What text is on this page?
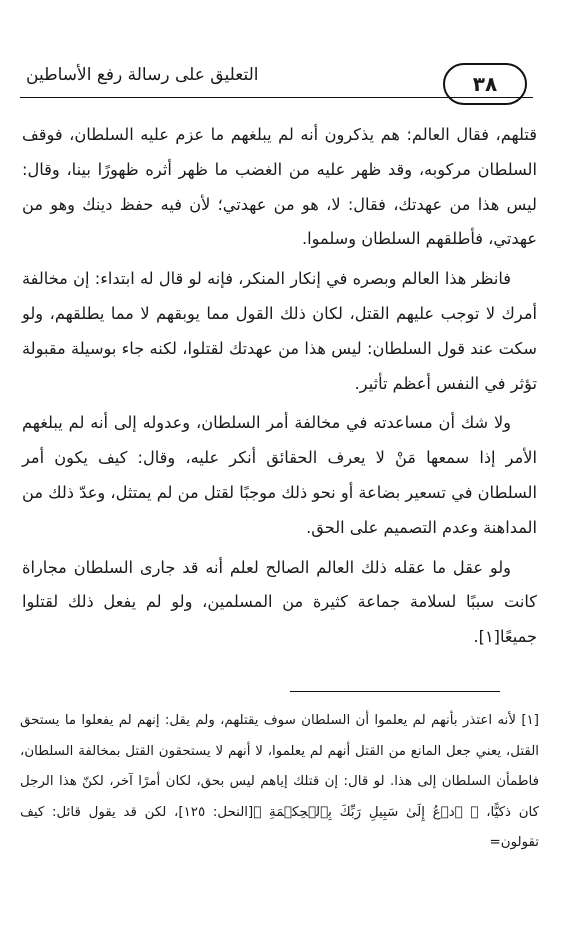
٣٨
التعليق على رسالة رفع الأساطين

قتلهم، فقال العالم: هم يذكرون أنه لم يبلغهم ما عزم عليه السلطان، فوقف السلطان مركوبه، وقد ظهر عليه من الغضب ما ظهر أثره ظهورًا بينا، وقال: ليس هذا من عهدتك، فقال: لا، هو من عهدتي؛ لأن فيه حفظ دينك وهو من عهدتي، فأطلقهم السلطان وسلموا.

فانظر هذا العالم وبصره في إنكار المنكر، فإنه لو قال له ابتداء: إن مخالفة أمرك لا توجب عليهم القتل، لكان ذلك القول مما يوبقهم لا مما يطلقهم، ولو سكت عند قول السلطان: ليس هذا من عهدتك لقتلوا، لكنه جاء بوسيلة مقبولة تؤثر في النفس أعظم تأثير.

ولا شك أن مساعدته في مخالفة أمر السلطان، وعدوله إلى أنه لم يبلغهم الأمر إذا سمعها مَنْ لا يعرف الحقائق أنكر عليه، وقال: كيف يكون أمر السلطان في تسعير بضاعة أو نحو ذلك موجبًا لقتل من لم يمتثل، وعدّ ذلك من المداهنة وعدم التصميم على الحق.

ولو عقل ما عقله ذلك العالم الصالح لعلم أنه قد جارى السلطان مجاراة كانت سببًا لسلامة جماعة كثيرة من المسلمين، ولو لم يفعل ذلك لقتلوا جميعًا[١].

[١] لأنه اعتذر بأنهم لم يعلموا أن السلطان سوف يقتلهم، ولم يقل: إنهم لم يفعلوا ما يستحق القتل، يعني جعل المانع من القتل أنهم لم يعلموا، لا أنهم لا يستحقون القتل بمخالفة السلطان، فاطمأن السلطان إلى هذا. لو قال: إن قتلك إياهم ليس بحق، لكان أمرًا آخر، لكنّ هذا الرجل كان ذكيًّا، ﴿ ٱدۡعُ إِلَىٰ سَبِيلِ رَبِّكَ بِٱلۡحِكۡمَةِ ﴾[النحل: ١٢٥]، لكن قد يقول قائل: كيف تقولون=
